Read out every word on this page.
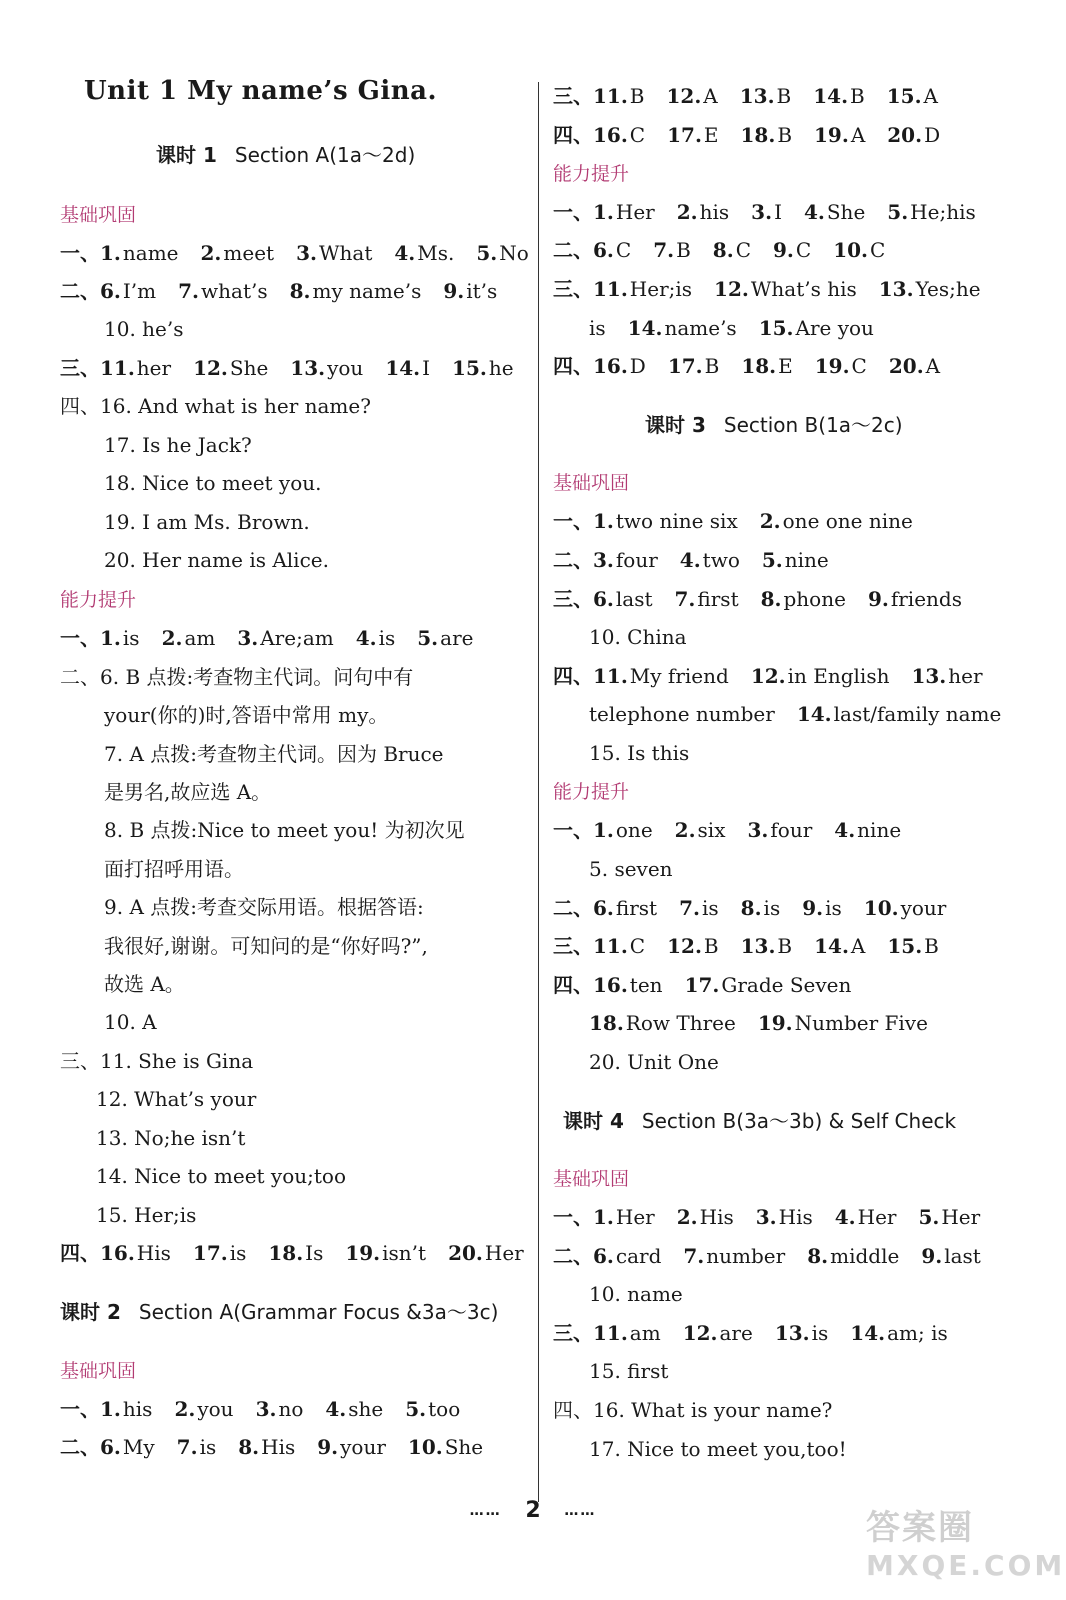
Unit 1 My name’s Gina.
课时 1 Section A(1a～2d)
基础巩固
一、1. name 2. meet 3. What 4. Ms. 5. No
二、6. I’m 7. what’s 8. my name’s 9. it’s
10. he’s
三、11. her 12. She 13. you 14. I 15. he
四、16. And what is her name?
17. Is he Jack?
18. Nice to meet you.
19. I am Ms. Brown.
20. Her name is Alice.
能力提升
一、1. is 2. am 3. Are;am 4. is 5. are
二、6. B 点拨:考查物主代词。问句中有
your(你的)时,答语中常用 my。
7. A 点拨:考查物主代词。因为 Bruce
是男名,故应选 A。
8. B 点拨:Nice to meet you! 为初次见
面打招呼用语。
9. A 点拨:考查交际用语。根据答语:
我很好,谢谢。可知问的是“你好吗?”,
故选 A。
10. A
三、11. She is Gina
12. What’s your
13. No;he isn’t
14. Nice to meet you;too
15. Her;is
四、16. His 17. is 18. Is 19. isn’t 20. Her
课时 2 Section A(Grammar Focus &3a～3c)
基础巩固
一、1. his 2. you 3. no 4. she 5. too
二、6. My 7. is 8. His 9. your 10. She
三、11. B 12. A 13. B 14. B 15. A
四、16. C 17. E 18. B 19. A 20. D
能力提升
一、1. Her 2. his 3. I 4. She 5. He;his
二、6. C 7. B 8. C 9. C 10. C
三、11. Her;is 12. What’s his 13. Yes;he
is 14. name’s 15. Are you
四、16. D 17. B 18. E 19. C 20. A
课时 3 Section B(1a～2c)
基础巩固
一、1. two nine six 2. one one nine
二、3. four 4. two 5. nine
三、6. last 7. first 8. phone 9. friends
10. China
四、11. My friend 12. in English 13. her
telephone number 14. last/family name
15. Is this
能力提升
一、1. one 2. six 3. four 4. nine
5. seven
二、6. first 7. is 8. is 9. is 10. your
三、11. C 12. B 13. B 14. A 15. B
四、16. ten 17. Grade Seven
18. Row Three 19. Number Five
20. Unit One
课时 4 Section B(3a～3b) & Self Check
基础巩固
一、1. Her 2. His 3. His 4. Her 5. Her
二、6. card 7. number 8. middle 9. last
10. name
三、11. am 12. are 13. is 14. am; is
15. first
四、16. What is your name?
17. Nice to meet you,too!
…… 2 ……	答案圈
MXQE.COM
